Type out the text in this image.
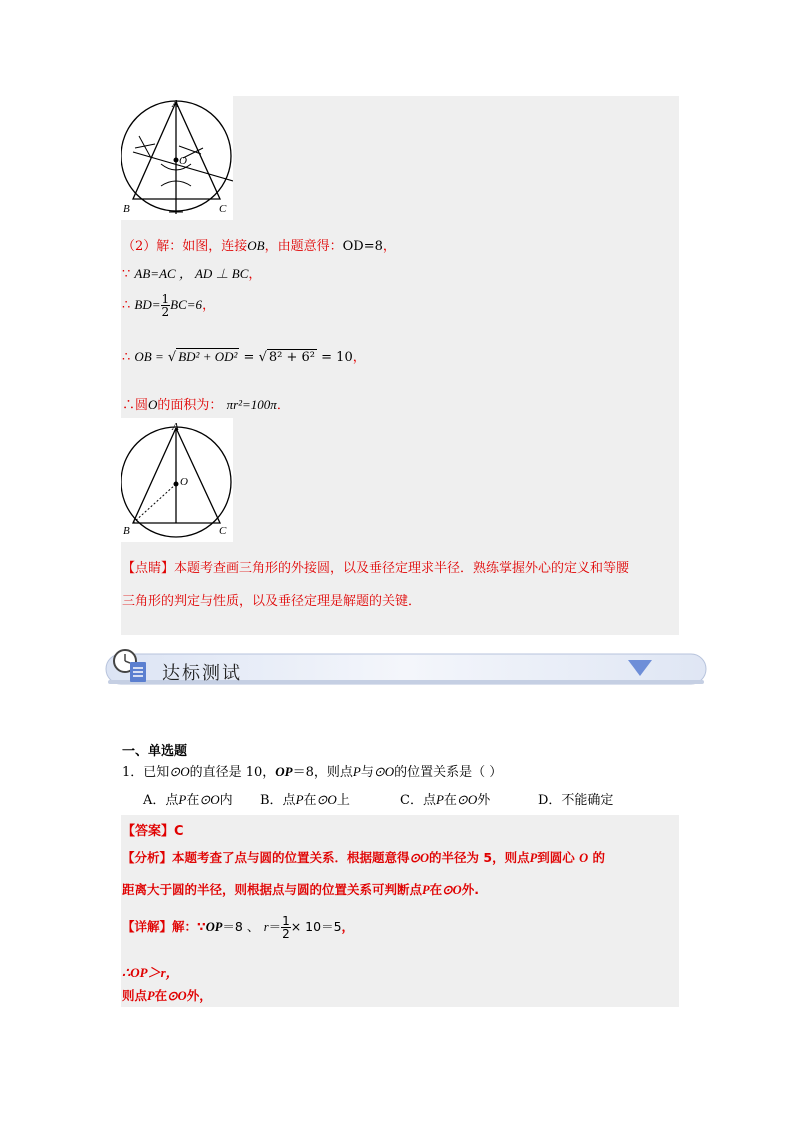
A
O
B	C
（2）解：如图，连接OB，由题意得：OD=8，
∵ AB=AC ， AD ⊥ BC，
∴ $BD= \frac{1}{2} BC=6$，
∴ OB = √ BD² + OD² = √ 8² + 6² = 10，
∴圆O的面积为： πr²=100π．
A
O
B	C
【点睛】本题考查画三角形的外接圆，以及垂径定理求半径．熟练掌握外心的定义和等腰
三角形的判定与性质，以及垂径定理是解题的关键．
达标测试
一、单选题
1．已知⊙O的直径是 10，OP＝8，则点P与⊙O的位置关系是（ ）
A．点P在⊙O内 B．点P在⊙O上	C．点P在⊙O外	D．不能确定
【答案】C
【分析】本题考查了点与圆的位置关系．根据题意得⊙O的半径为 5，则点P到圆心 O 的
距离大于圆的半径，则根据点与圆的位置关系可判断点P在⊙O外.
【详解】解：∵OP＝8 、 $r= \frac{1}{2} \times 10=5$，
∴OP＞r，
则点P在⊙O外，
